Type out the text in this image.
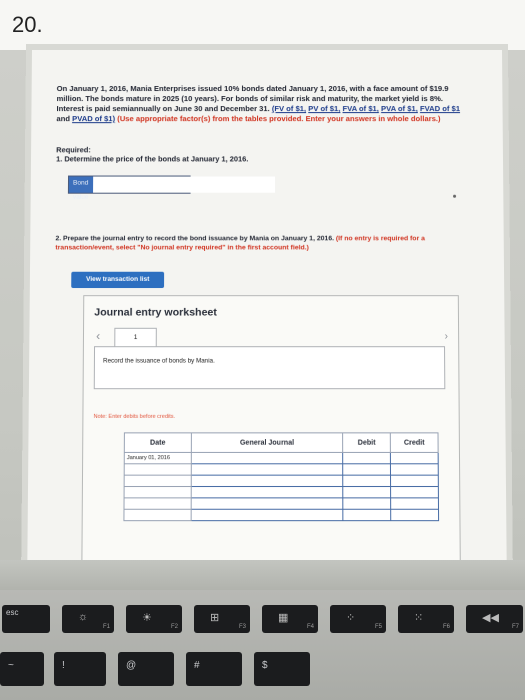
20.
On January 1, 2016, Mania Enterprises issued 10% bonds dated January 1, 2016, with a face amount of $19.9 million. The bonds mature in 2025 (10 years). For bonds of similar risk and maturity, the market yield is 8%. Interest is paid semiannually on June 30 and December 31. (FV of $1, PV of $1, FVA of $1, PVA of $1, FVAD of $1 and PVAD of $1) (Use appropriate factor(s) from the tables provided. Enter your answers in whole dollars.)
Required:
1. Determine the price of the bonds at January 1, 2016.
Bond value
2. Prepare the journal entry to record the bond issuance by Mania on January 1, 2016. (If no entry is required for a transaction/event, select "No journal entry required" in the first account field.)
View transaction list
Journal entry worksheet
‹	1	›
Record the issuance of bonds by Mania.
Note: Enter debits before credits.
Date	General Journal	Debit	Credit
January 01, 2016			

esc	☼
F1
☀
F2
⊞
F3
▦
F4
⁘
F5
⁙
F6
◀◀
F7
~	!	@	#	$
